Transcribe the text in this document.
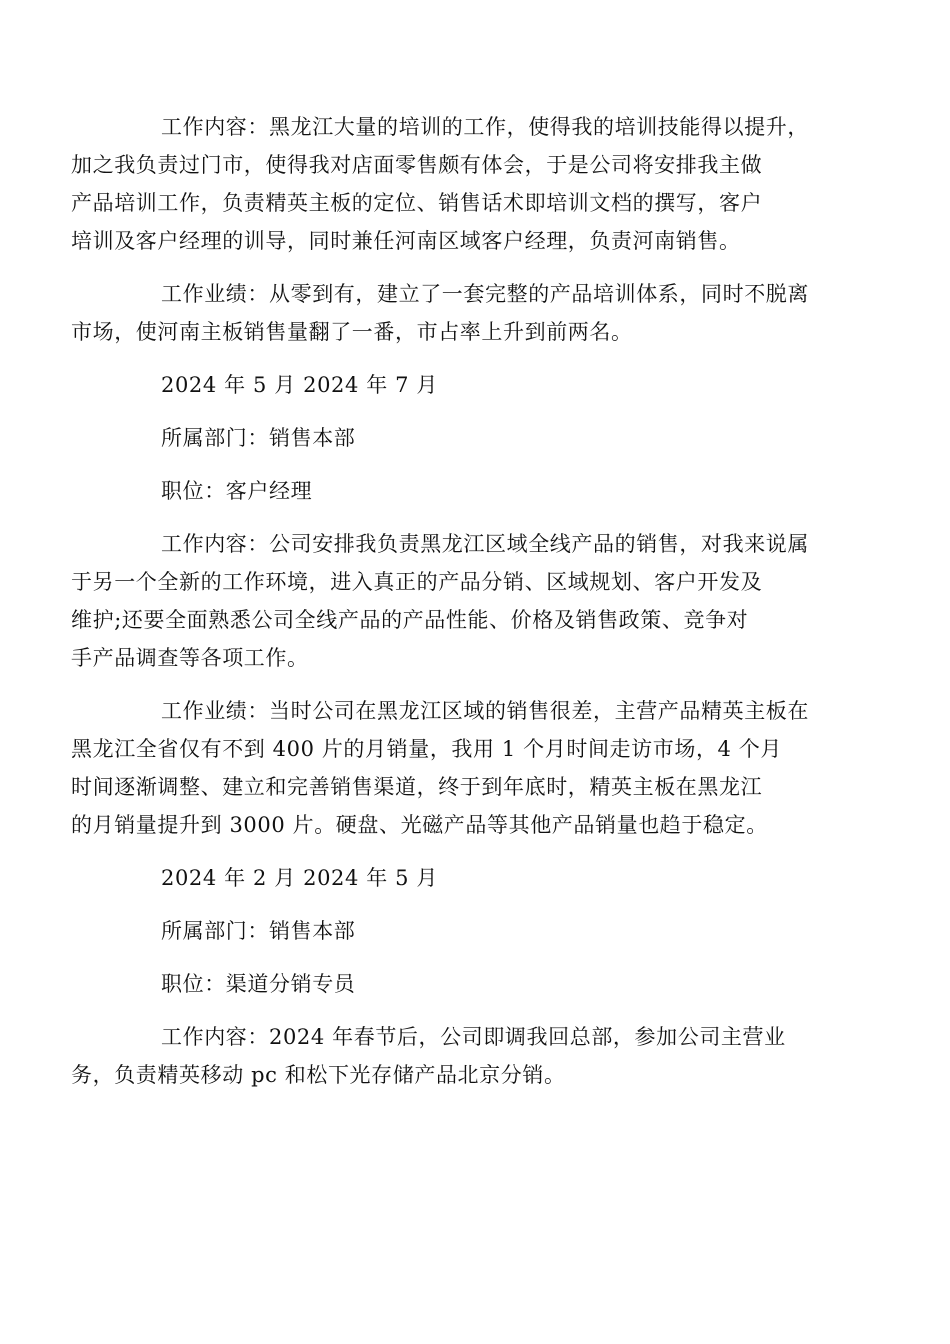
工作内容：黑龙江大量的培训的工作，使得我的培训技能得以提升，
加之我负责过门市，使得我对店面零售颇有体会，于是公司将安排我主做
产品培训工作，负责精英主板的定位、销售话术即培训文档的撰写，客户
培训及客户经理的训导，同时兼任河南区域客户经理，负责河南销售。

工作业绩：从零到有，建立了一套完整的产品培训体系，同时不脱离
市场，使河南主板销售量翻了一番，市占率上升到前两名。

2024 年 5 月 2024 年 7 月

所属部门：销售本部

职位：客户经理

工作内容：公司安排我负责黑龙江区域全线产品的销售，对我来说属
于另一个全新的工作环境，进入真正的产品分销、区域规划、客户开发及
维护;还要全面熟悉公司全线产品的产品性能、价格及销售政策、竞争对
手产品调查等各项工作。

工作业绩：当时公司在黑龙江区域的销售很差，主营产品精英主板在
黑龙江全省仅有不到 400 片的月销量，我用 1 个月时间走访市场，4 个月
时间逐渐调整、建立和完善销售渠道，终于到年底时，精英主板在黑龙江
的月销量提升到 3000 片。硬盘、光磁产品等其他产品销量也趋于稳定。

2024 年 2 月 2024 年 5 月

所属部门：销售本部

职位：渠道分销专员

工作内容：2024 年春节后，公司即调我回总部，参加公司主营业
务，负责精英移动 pc 和松下光存储产品北京分销。
